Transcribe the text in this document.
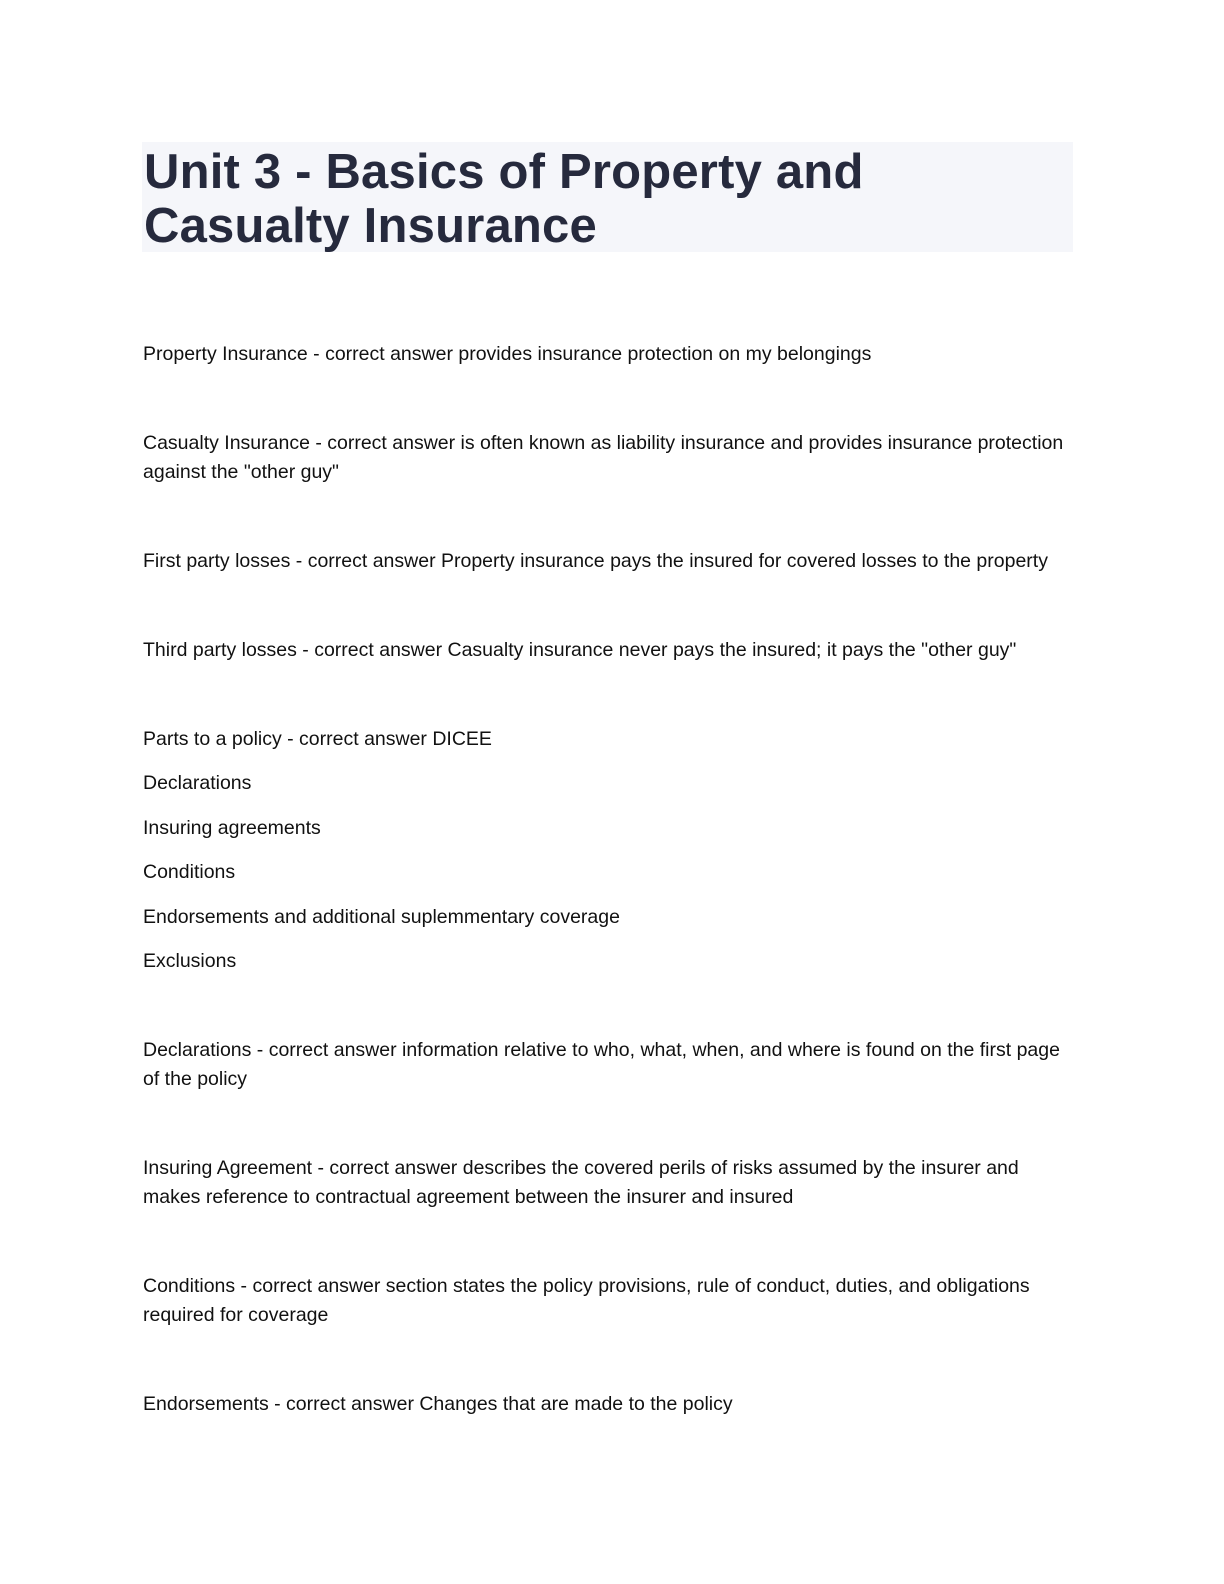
Unit 3 - Basics of Property and Casualty Insurance

Property Insurance - correct answer provides insurance protection on my belongings

Casualty Insurance - correct answer is often known as liability insurance and provides insurance protection against the "other guy"

First party losses - correct answer Property insurance pays the insured for covered losses to the property

Third party losses - correct answer Casualty insurance never pays the insured; it pays the "other guy"

Parts to a policy - correct answer DICEE

Declarations

Insuring agreements

Conditions

Endorsements and additional suplemmentary coverage

Exclusions

Declarations - correct answer information relative to who, what, when, and where is found on the first page of the policy

Insuring Agreement - correct answer describes the covered perils of risks assumed by the insurer and makes reference to contractual agreement between the insurer and insured

Conditions - correct answer section states the policy provisions, rule of conduct, duties, and obligations required for coverage

Endorsements - correct answer Changes that are made to the policy
